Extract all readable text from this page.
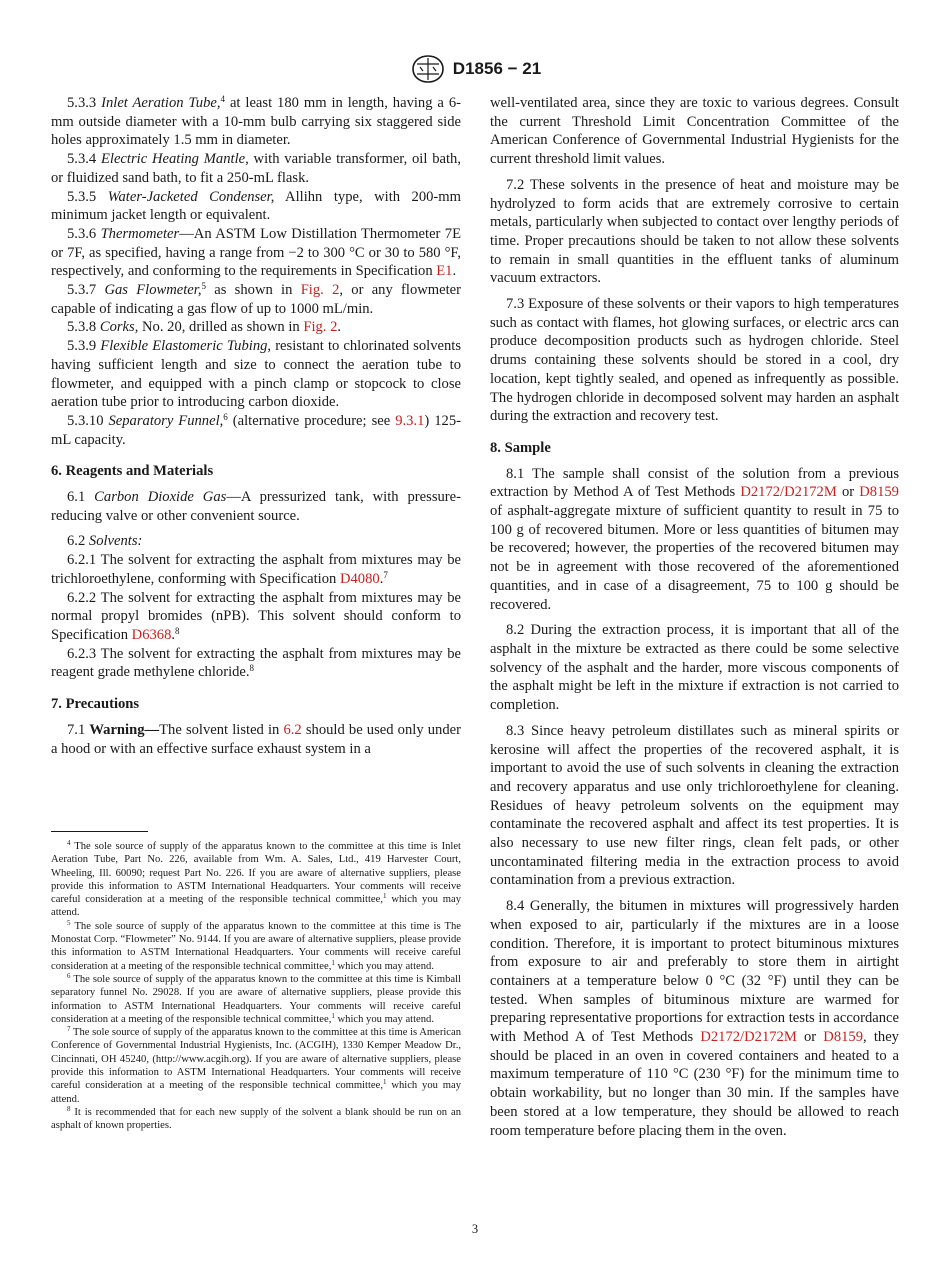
D1856 − 21

5.3.3 Inlet Aeration Tube,$^4$ at least 180 mm in length, having a 6-mm outside diameter with a 10-mm bulb carrying six staggered side holes approximately 1.5 mm in diameter.

5.3.4 Electric Heating Mantle, with variable transformer, oil bath, or fluidized sand bath, to fit a 250-mL flask.

5.3.5 Water-Jacketed Condenser, Allihn type, with 200-mm minimum jacket length or equivalent.

5.3.6 Thermometer—An ASTM Low Distillation Thermometer 7E or 7F, as specified, having a range from −2 to 300 °C or 30 to 580 °F, respectively, and conforming to the requirements in Specification E1.

5.3.7 Gas Flowmeter,$^5$ as shown in Fig. 2, or any flowmeter capable of indicating a gas flow of up to 1000 mL/min.

5.3.8 Corks, No. 20, drilled as shown in Fig. 2.

5.3.9 Flexible Elastomeric Tubing, resistant to chlorinated solvents having sufficient length and size to connect the aeration tube to flowmeter, and equipped with a pinch clamp or stopcock to close aeration tube prior to introducing carbon dioxide.

5.3.10 Separatory Funnel,$^6$ (alternative procedure; see 9.3.1) 125-mL capacity.

6. Reagents and Materials

6.1 Carbon Dioxide Gas—A pressurized tank, with pressure-reducing valve or other convenient source.

6.2 Solvents:

6.2.1 The solvent for extracting the asphalt from mixtures may be trichloroethylene, conforming with Specification D4080.$^7$

6.2.2 The solvent for extracting the asphalt from mixtures may be normal propyl bromides (nPB). This solvent should conform to Specification D6368.$^8$

6.2.3 The solvent for extracting the asphalt from mixtures may be reagent grade methylene chloride.$^8$

7. Precautions

7.1 Warning—The solvent listed in 6.2 should be used only under a hood or with an effective surface exhaust system in a

$^4$ The sole source of supply of the apparatus known to the committee at this time is Inlet Aeration Tube, Part No. 226, available from Wm. A. Sales, Ltd., 419 Harvester Court, Wheeling, Ill. 60090; request Part No. 226. If you are aware of alternative suppliers, please provide this information to ASTM International Headquarters. Your comments will receive careful consideration at a meeting of the responsible technical committee,$^1$ which you may attend.

$^5$ The sole source of supply of the apparatus known to the committee at this time is The Monostat Corp. “Flowmeter” No. 9144. If you are aware of alternative suppliers, please provide this information to ASTM International Headquarters. Your comments will receive careful consideration at a meeting of the responsible technical committee,$^1$ which you may attend.

$^6$ The sole source of supply of the apparatus known to the committee at this time is Kimball separatory funnel No. 29028. If you are aware of alternative suppliers, please provide this information to ASTM International Headquarters. Your comments will receive careful consideration at a meeting of the responsible technical committee,$^1$ which you may attend.

$^7$ The sole source of supply of the apparatus known to the committee at this time is American Conference of Governmental Industrial Hygienists, Inc. (ACGIH), 1330 Kemper Meadow Dr., Cincinnati, OH 45240, (http://www.acgih.org). If you are aware of alternative suppliers, please provide this information to ASTM International Headquarters. Your comments will receive careful consideration at a meeting of the responsible technical committee,$^1$ which you may attend.

$^8$ It is recommended that for each new supply of the solvent a blank should be run on an asphalt of known properties.

well-ventilated area, since they are toxic to various degrees. Consult the current Threshold Limit Concentration Committee of the American Conference of Governmental Industrial Hygienists for the current threshold limit values.

7.2 These solvents in the presence of heat and moisture may be hydrolyzed to form acids that are extremely corrosive to certain metals, particularly when subjected to contact over lengthy periods of time. Proper precautions should be taken to not allow these solvents to remain in small quantities in the effluent tanks of aluminum vacuum extractors.

7.3 Exposure of these solvents or their vapors to high temperatures such as contact with flames, hot glowing surfaces, or electric arcs can produce decomposition products such as hydrogen chloride. Steel drums containing these solvents should be stored in a cool, dry location, kept tightly sealed, and opened as infrequently as possible. The hydrogen chloride in decomposed solvent may harden an asphalt during the extraction and recovery test.

8. Sample

8.1 The sample shall consist of the solution from a previous extraction by Method A of Test Methods D2172/D2172M or D8159 of asphalt-aggregate mixture of sufficient quantity to result in 75 to 100 g of recovered bitumen. More or less quantities of bitumen may be recovered; however, the properties of the recovered bitumen may not be in agreement with those recovered of the aforementioned quantities, and in case of a disagreement, 75 to 100 g should be recovered.

8.2 During the extraction process, it is important that all of the asphalt in the mixture be extracted as there could be some selective solvency of the asphalt and the harder, more viscous components of the asphalt might be left in the mixture if extraction is not carried to completion.

8.3 Since heavy petroleum distillates such as mineral spirits or kerosine will affect the properties of the recovered asphalt, it is important to avoid the use of such solvents in cleaning the extraction and recovery apparatus and use only trichloroethylene for cleaning. Residues of heavy petroleum solvents on the equipment may contaminate the recovered asphalt and affect its test properties. It is also necessary to use new filter rings, clean felt pads, or other uncontaminated filtering media in the extraction process to avoid contamination from a previous extraction.

8.4 Generally, the bitumen in mixtures will progressively harden when exposed to air, particularly if the mixtures are in a loose condition. Therefore, it is important to protect bituminous mixtures from exposure to air and preferably to store them in airtight containers at a temperature below 0 °C (32 °F) until they can be tested. When samples of bituminous mixture are warmed for preparing representative proportions for extraction tests in accordance with Method A of Test Methods D2172/D2172M or D8159, they should be placed in an oven in covered containers and heated to a maximum temperature of 110 °C (230 °F) for the minimum time to obtain workability, but no longer than 30 min. If the samples have been stored at a low temperature, they should be allowed to reach room temperature before placing them in the oven.

3
